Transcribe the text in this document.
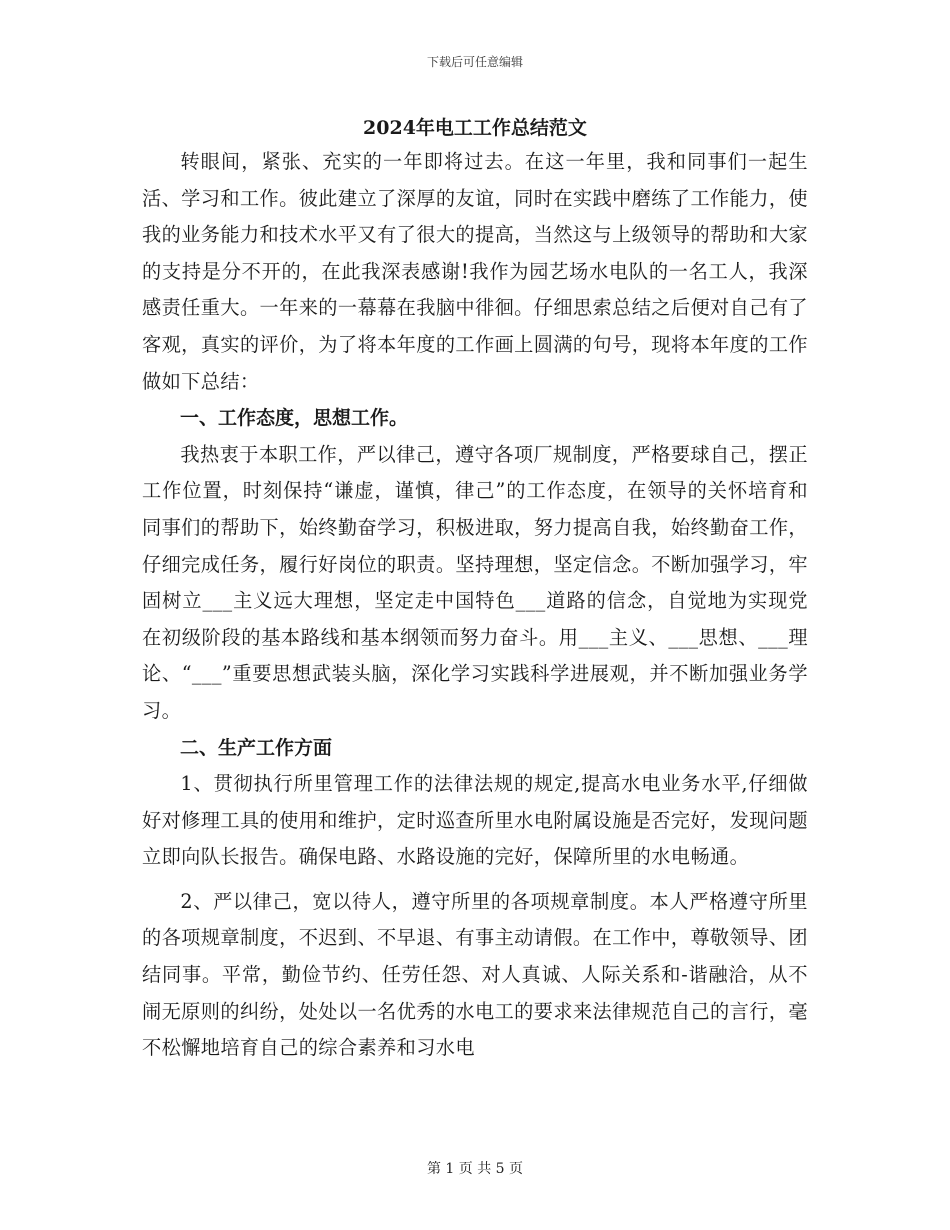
下载后可任意编辑
2024年电工工作总结范文

转眼间，紧张、充实的一年即将过去。在这一年里，我和同事们一起生活、学习和工作。彼此建立了深厚的友谊，同时在实践中磨练了工作能力，使我的业务能力和技术水平又有了很大的提高，当然这与上级领导的帮助和大家的支持是分不开的，在此我深表感谢!我作为园艺场水电队的一名工人，我深感责任重大。一年来的一幕幕在我脑中徘徊。仔细思索总结之后便对自己有了客观，真实的评价，为了将本年度的工作画上圆满的句号，现将本年度的工作做如下总结：

一、工作态度，思想工作。

我热衷于本职工作，严以律己，遵守各项厂规制度，严格要球自己，摆正工作位置，时刻保持“谦虚，谨慎，律己”的工作态度，在领导的关怀培育和同事们的帮助下，始终勤奋学习，积极进取，努力提高自我，始终勤奋工作，仔细完成任务，履行好岗位的职责。坚持理想，坚定信念。不断加强学习，牢固树立___主义远大理想，坚定走中国特色___道路的信念，自觉地为实现党在初级阶段的基本路线和基本纲领而努力奋斗。用___主义、___思想、___理论、“___”重要思想武装头脑，深化学习实践科学进展观，并不断加强业务学习。

二、生产工作方面

1、贯彻执行所里管理工作的法律法规的规定,提高水电业务水平,仔细做好对修理工具的使用和维护，定时巡查所里水电附属设施是否完好，发现问题立即向队长报告。确保电路、水路设施的完好，保障所里的水电畅通。

2、严以律己，宽以待人，遵守所里的各项规章制度。本人严格遵守所里的各项规章制度，不迟到、不早退、有事主动请假。在工作中，尊敬领导、团结同事。平常，勤俭节约、任劳任怨、对人真诚、人际关系和-谐融洽，从不闹无原则的纠纷，处处以一名优秀的水电工的要求来法律规范自己的言行，毫不松懈地培育自己的综合素养和习水电

第 1 页 共 5 页
